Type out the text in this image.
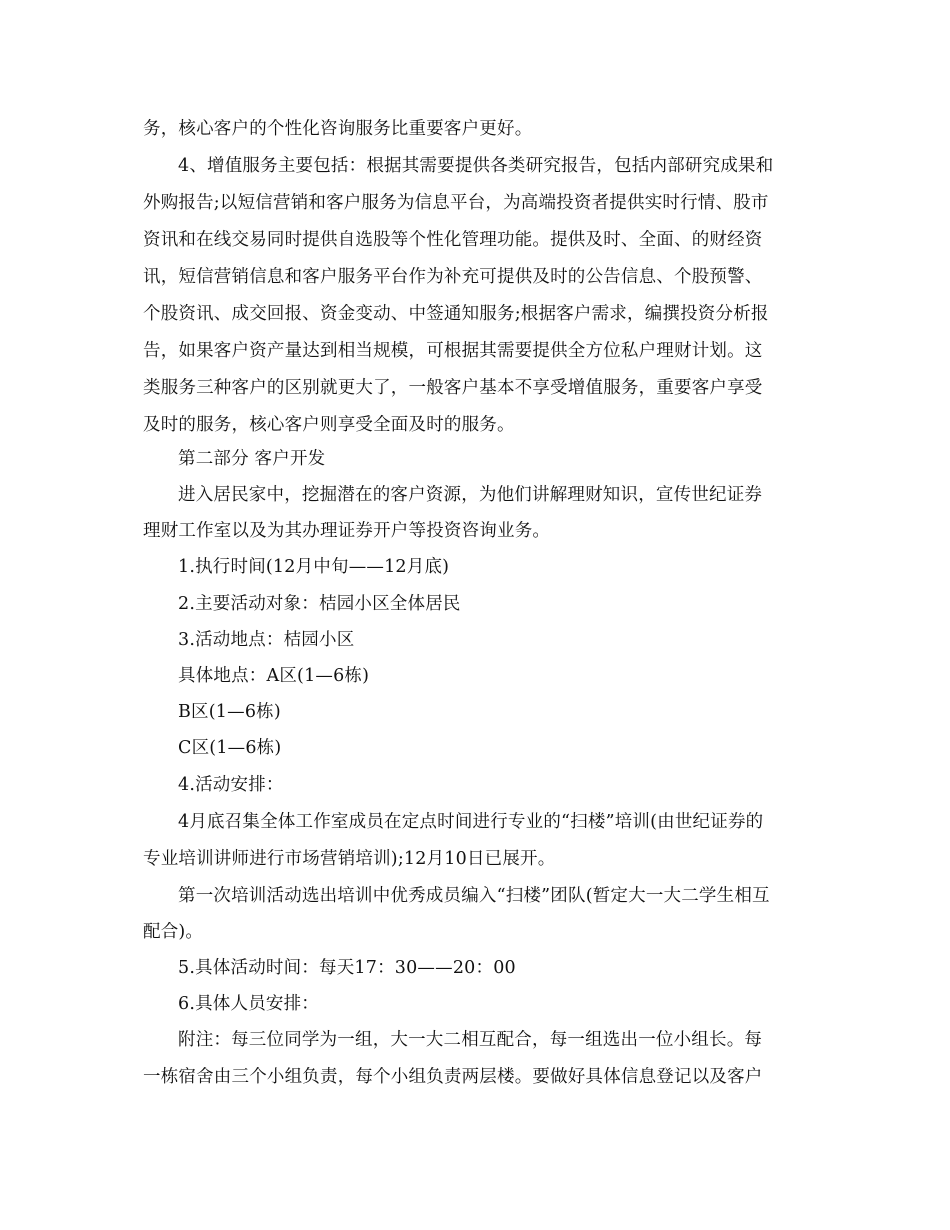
务，核心客户的个性化咨询服务比重要客户更好。
4、增值服务主要包括：根据其需要提供各类研究报告，包括内部研究成果和
外购报告;以短信营销和客户服务为信息平台，为高端投资者提供实时行情、股市
资讯和在线交易同时提供自选股等个性化管理功能。提供及时、全面、的财经资
讯，短信营销信息和客户服务平台作为补充可提供及时的公告信息、个股预警、
个股资讯、成交回报、资金变动、中签通知服务;根据客户需求，编撰投资分析报
告，如果客户资产量达到相当规模，可根据其需要提供全方位私户理财计划。这
类服务三种客户的区别就更大了，一般客户基本不享受增值服务，重要客户享受
及时的服务，核心客户则享受全面及时的服务。
第二部分 客户开发
进入居民家中，挖掘潜在的客户资源，为他们讲解理财知识，宣传世纪证券
理财工作室以及为其办理证券开户等投资咨询业务。
1.执行时间(12月中旬——12月底)
2.主要活动对象：桔园小区全体居民
3.活动地点：桔园小区
具体地点：A区(1—6栋)
B区(1—6栋)
C区(1—6栋)
4.活动安排：
4月底召集全体工作室成员在定点时间进行专业的“扫楼”培训(由世纪证券的
专业培训讲师进行市场营销培训);12月10日已展开。
第一次培训活动选出培训中优秀成员编入“扫楼”团队(暂定大一大二学生相互
配合)。
5.具体活动时间：每天17：30——20：00
6.具体人员安排：
附注：每三位同学为一组，大一大二相互配合，每一组选出一位小组长。每
一栋宿舍由三个小组负责，每个小组负责两层楼。要做好具体信息登记以及客户
